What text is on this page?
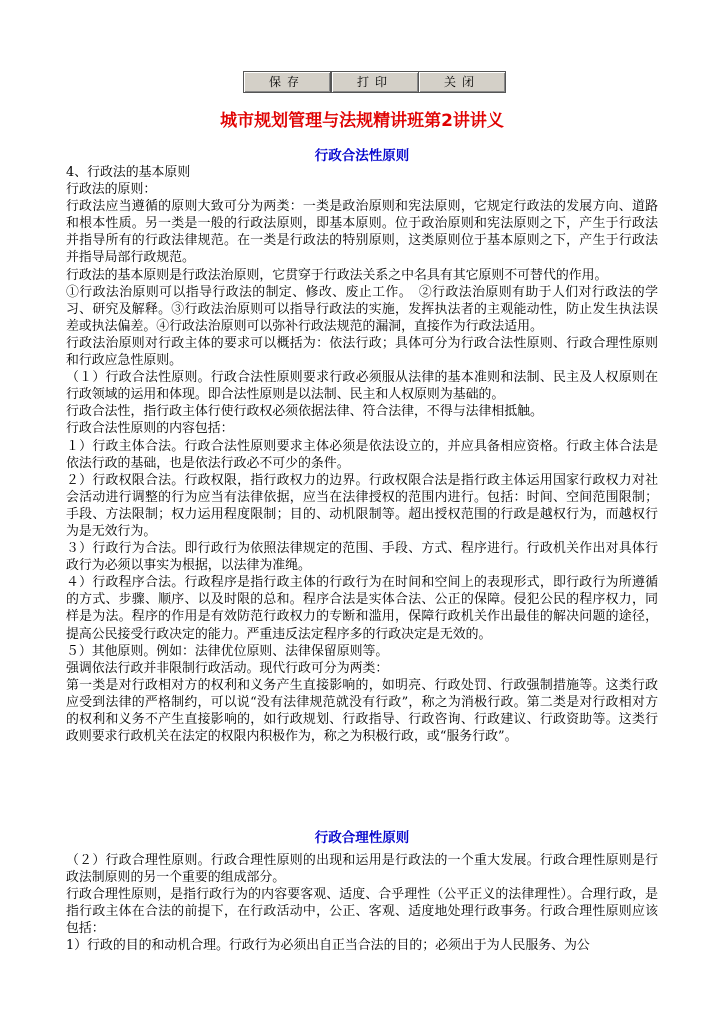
保存	打印	关闭
城市规划管理与法规精讲班第2讲讲义
行政合法性原则

4、行政法的基本原则

行政法的原则：

行政法应当遵循的原则大致可分为两类：一类是政治原则和宪法原则，它规定行政法的发展方向、道路和根本性质。另一类是一般的行政法原则，即基本原则。位于政治原则和宪法原则之下，产生于行政法并指导所有的行政法律规范。在一类是行政法的特别原则，这类原则位于基本原则之下，产生于行政法并指导局部行政规范。

行政法的基本原则是行政法治原则，它贯穿于行政法关系之中名具有其它原则不可替代的作用。

①行政法治原则可以指导行政法的制定、修改、废止工作。　②行政法治原则有助于人们对行政法的学习、研究及解释。③行政法治原则可以指导行政法的实施，发挥执法者的主观能动性，防止发生执法误差或执法偏差。④行政法治原则可以弥补行政法规范的漏洞，直接作为行政法适用。

行政法治原则对行政主体的要求可以概括为：依法行政；具体可分为行政合法性原则、行政合理性原则和行政应急性原则。

（１）行政合法性原则。行政合法性原则要求行政必须服从法律的基本准则和法制、民主及人权原则在行政领域的运用和体现。即合法性原则是以法制、民主和人权原则为基础的。

行政合法性，指行政主体行使行政权必须依据法律、符合法律，不得与法律相抵触。

行政合法性原则的内容包括：

１）行政主体合法。行政合法性原则要求主体必须是依法设立的，并应具备相应资格。行政主体合法是依法行政的基础，也是依法行政必不可少的条件。

２）行政权限合法。行政权限，指行政权力的边界。行政权限合法是指行政主体运用国家行政权力对社会活动进行调整的行为应当有法律依据，应当在法律授权的范围内进行。包括：时间、空间范围限制；手段、方法限制；权力运用程度限制；目的、动机限制等。超出授权范围的行政是越权行为，而越权行为是无效行为。

３）行政行为合法。即行政行为依照法律规定的范围、手段、方式、程序进行。行政机关作出对具体行政行为必须以事实为根据，以法律为准绳。

４）行政程序合法。行政程序是指行政主体的行政行为在时间和空间上的表现形式，即行政行为所遵循的方式、步骤、顺序、以及时限的总和。程序合法是实体合法、公正的保障。侵犯公民的程序权力，同样是为法。程序的作用是有效防范行政权力的专断和滥用，保障行政机关作出最佳的解决问题的途径，提高公民接受行政决定的能力。严重违反法定程序多的行政决定是无效的。

５）其他原则。例如：法律优位原则、法律保留原则等。

强调依法行政并非限制行政活动。现代行政可分为两类：

第一类是对行政相对方的权利和义务产生直接影响的，如明亮、行政处罚、行政强制措施等。这类行政应受到法律的严格制约，可以说“没有法律规范就没有行政”，称之为消极行政。第二类是对行政相对方的权利和义务不产生直接影响的，如行政规划、行政指导、行政咨询、行政建议、行政资助等。这类行政则要求行政机关在法定的权限内积极作为，称之为积极行政，或“服务行政”。

行政合理性原则

（２）行政合理性原则。行政合理性原则的出现和运用是行政法的一个重大发展。行政合理性原则是行政法制原则的另一个重要的组成部分。

行政合理性原则，是指行政行为的内容要客观、适度、合乎理性（公平正义的法律理性）。合理行政，是指行政主体在合法的前提下，在行政活动中，公正、客观、适度地处理行政事务。行政合理性原则应该包括：

1）行政的目的和动机合理。行政行为必须出自正当合法的目的；必须出于为人民服务、为公
